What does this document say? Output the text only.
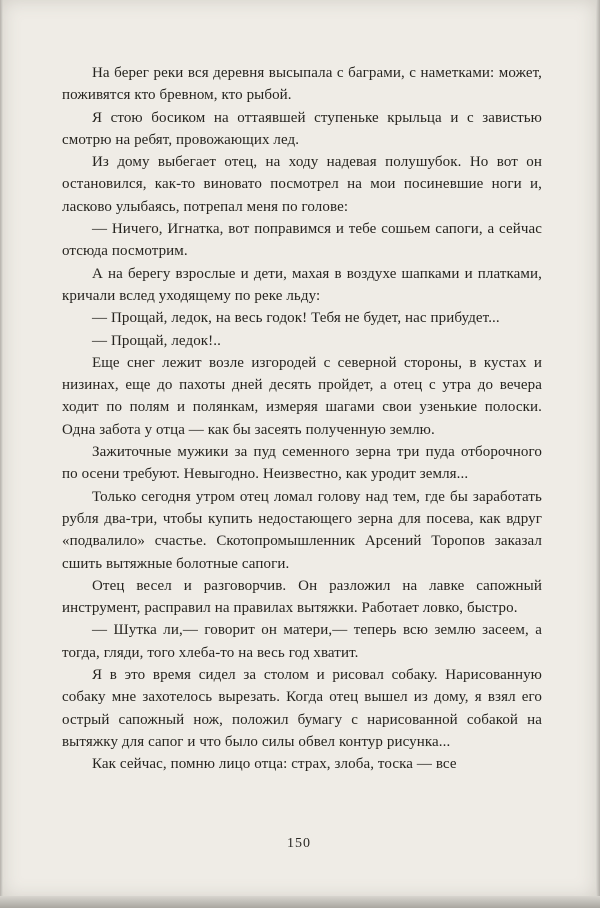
На берег реки вся деревня высыпала с баграми, с наметками: может, поживятся кто бревном, кто рыбой.

Я стою босиком на оттаявшей ступеньке крыльца и с завистью смотрю на ребят, провожающих лед.

Из дому выбегает отец, на ходу надевая полушубок. Но вот он остановился, как-то виновато посмотрел на мои посиневшие ноги и, ласково улыбаясь, потрепал меня по голове:

— Ничего, Игнатка, вот поправимся и тебе сошьем сапоги, а сейчас отсюда посмотрим.

А на берегу взрослые и дети, махая в воздухе шапками и платками, кричали вслед уходящему по реке льду:

— Прощай, ледок, на весь годок! Тебя не будет, нас прибудет...

— Прощай, ледок!..

Еще снег лежит возле изгородей с северной стороны, в кустах и низинах, еще до пахоты дней десять пройдет, а отец с утра до вечера ходит по полям и полянкам, измеряя шагами свои узенькие полоски. Одна забота у отца — как бы засеять полученную землю.

Зажиточные мужики за пуд семенного зерна три пуда отборочного по осени требуют. Невыгодно. Неизвестно, как уродит земля...

Только сегодня утром отец ломал голову над тем, где бы заработать рубля два-три, чтобы купить недостающего зерна для посева, как вдруг «подвалило» счастье. Скотопромышленник Арсений Торопов заказал сшить вытяжные болотные сапоги.

Отец весел и разговорчив. Он разложил на лавке сапожный инструмент, расправил на правилах вытяжки. Работает ловко, быстро.

— Шутка ли,— говорит он матери,— теперь всю землю засеем, а тогда, гляди, того хлеба-то на весь год хватит.

Я в это время сидел за столом и рисовал собаку. Нарисованную собаку мне захотелось вырезать. Когда отец вышел из дому, я взял его острый сапожный нож, положил бумагу с нарисованной собакой на вытяжку для сапог и что было силы обвел контур рисунка...

Как сейчас, помню лицо отца: страх, злоба, тоска — все

150
